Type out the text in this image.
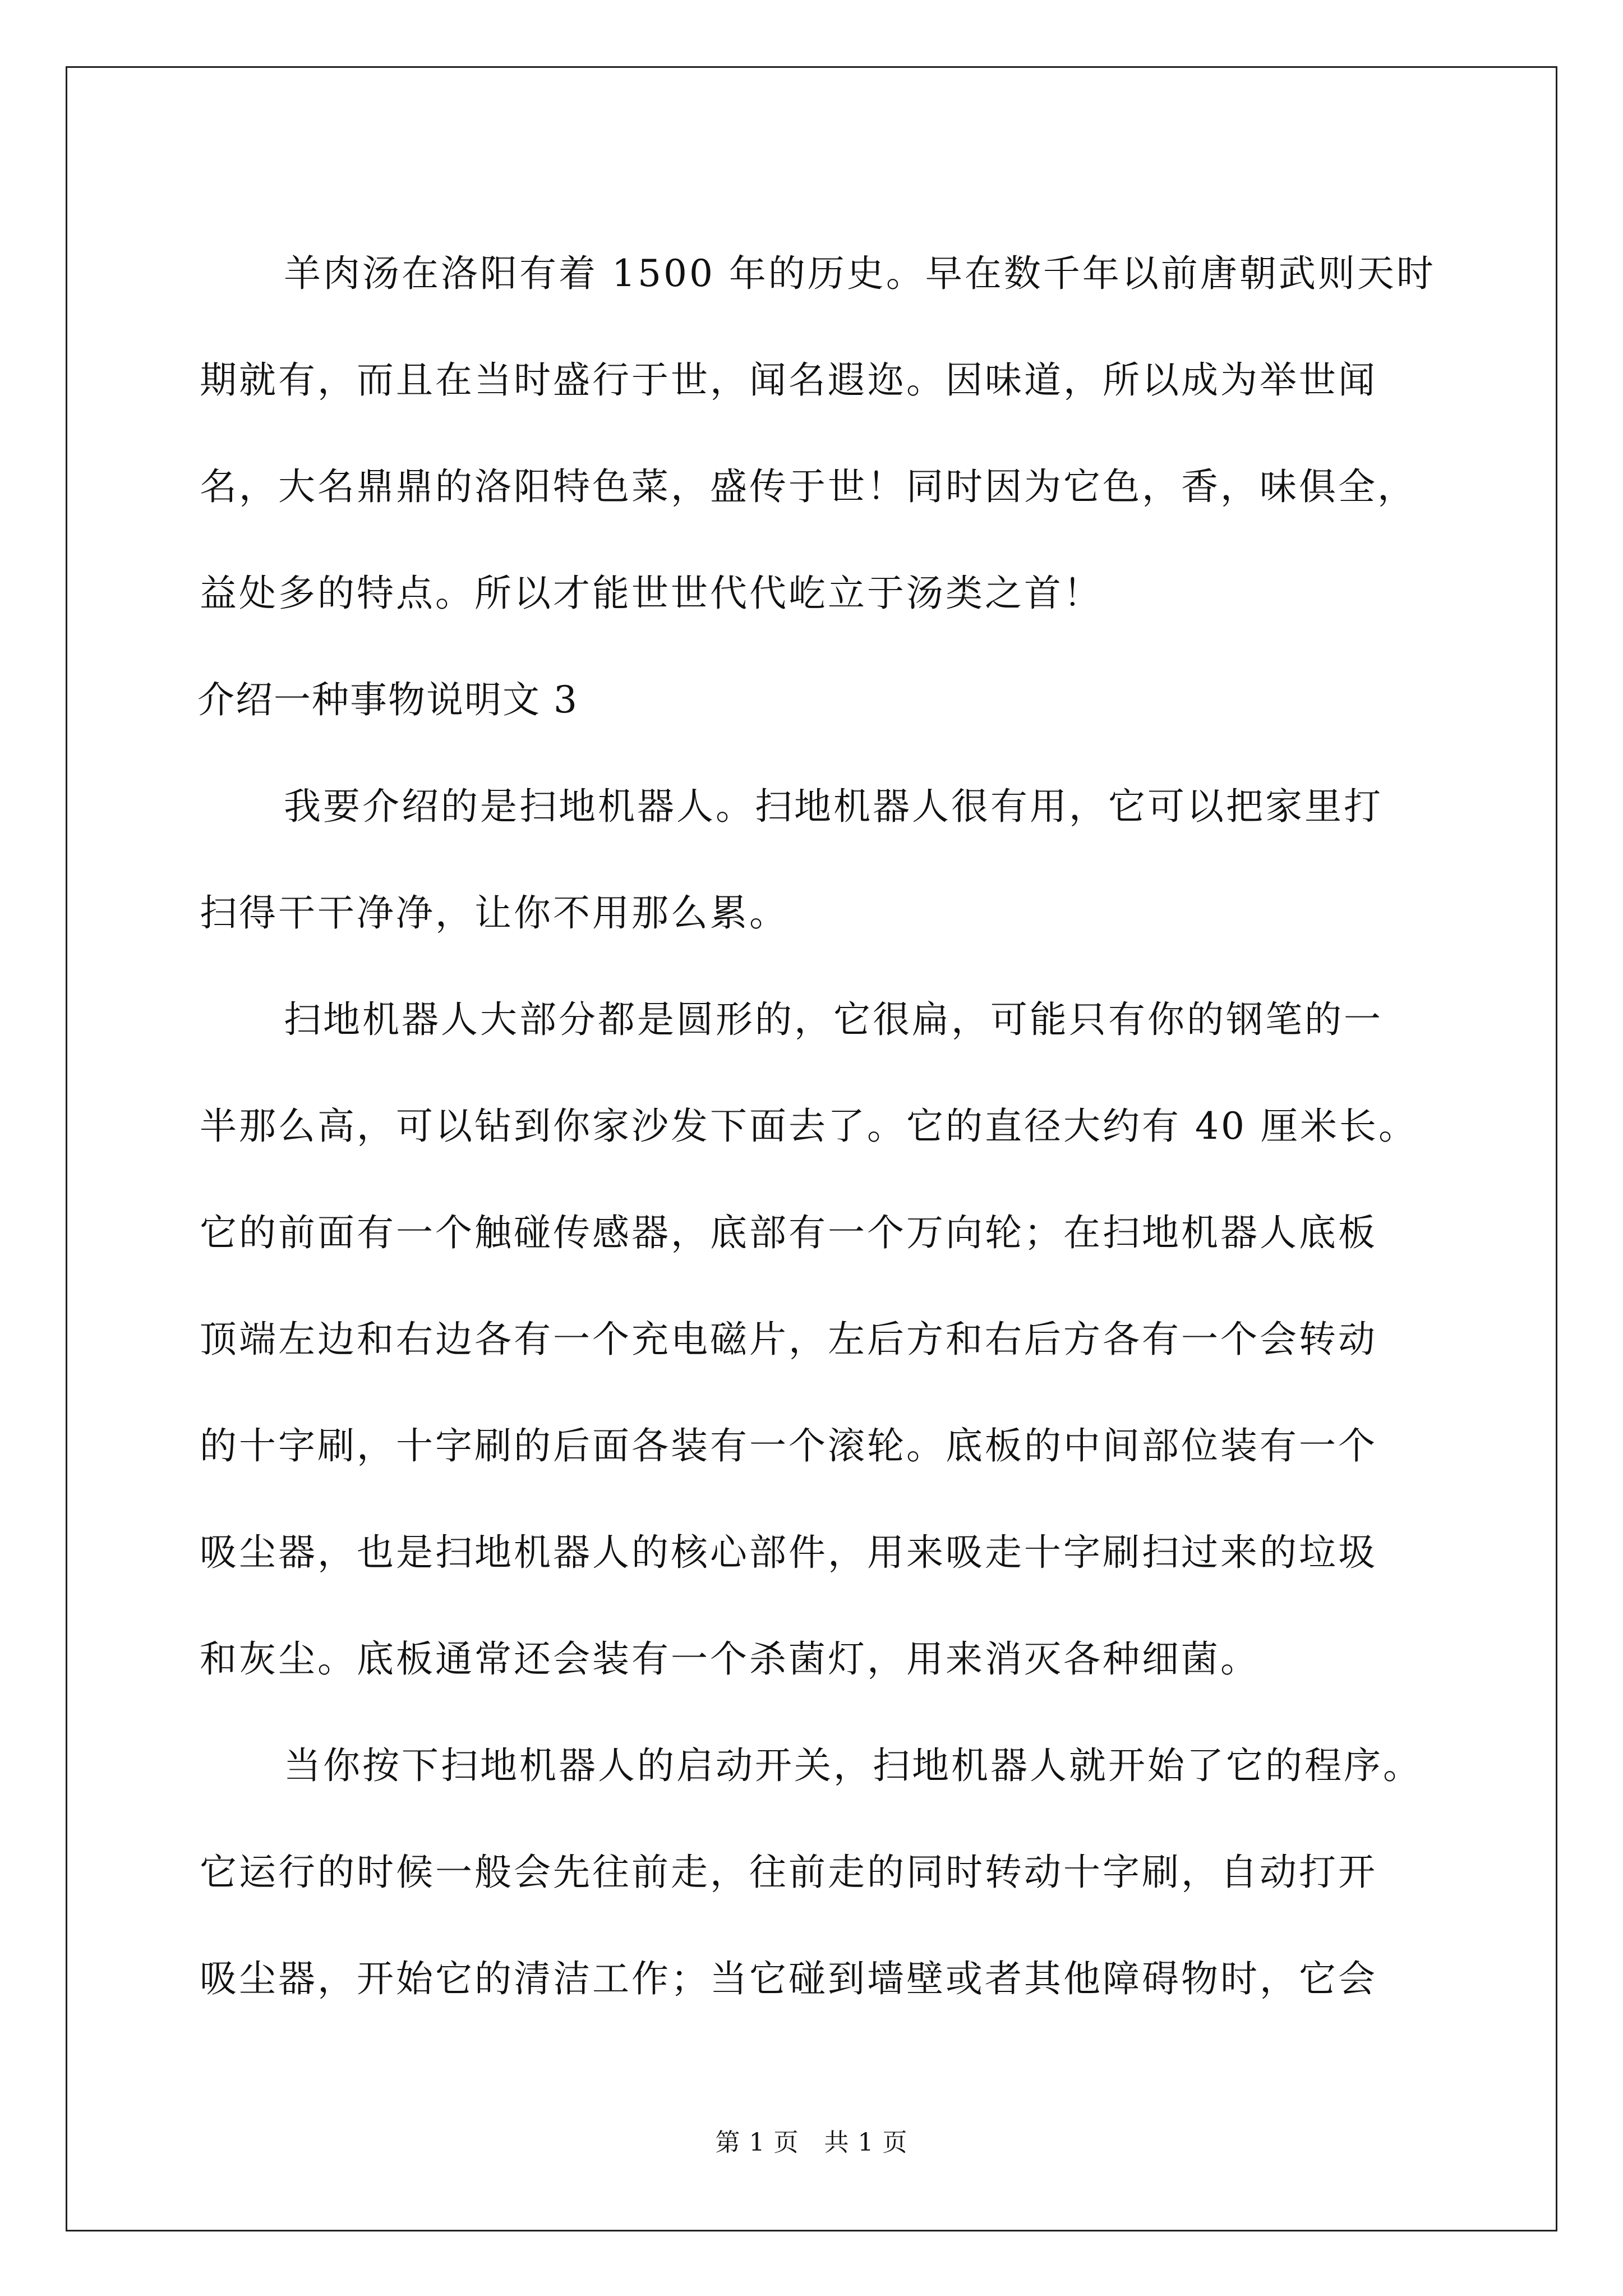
羊肉汤在洛阳有着 1500 年的历史。早在数千年以前唐朝武则天时
期就有，而且在当时盛行于世，闻名遐迩。因味道，所以成为举世闻
名，大名鼎鼎的洛阳特色菜，盛传于世！同时因为它色，香，味俱全，
益处多的特点。所以才能世世代代屹立于汤类之首！
介绍一种事物说明文 3
我要介绍的是扫地机器人。扫地机器人很有用，它可以把家里打
扫得干干净净，让你不用那么累。
扫地机器人大部分都是圆形的，它很扁，可能只有你的钢笔的一
半那么高，可以钻到你家沙发下面去了。它的直径大约有 40 厘米长。
它的前面有一个触碰传感器，底部有一个万向轮；在扫地机器人底板
顶端左边和右边各有一个充电磁片，左后方和右后方各有一个会转动
的十字刷，十字刷的后面各装有一个滚轮。底板的中间部位装有一个
吸尘器，也是扫地机器人的核心部件，用来吸走十字刷扫过来的垃圾
和灰尘。底板通常还会装有一个杀菌灯，用来消灭各种细菌。
当你按下扫地机器人的启动开关，扫地机器人就开始了它的程序。
它运行的时候一般会先往前走，往前走的同时转动十字刷，自动打开
吸尘器，开始它的清洁工作；当它碰到墙壁或者其他障碍物时，它会
第 1 页　共 1 页
